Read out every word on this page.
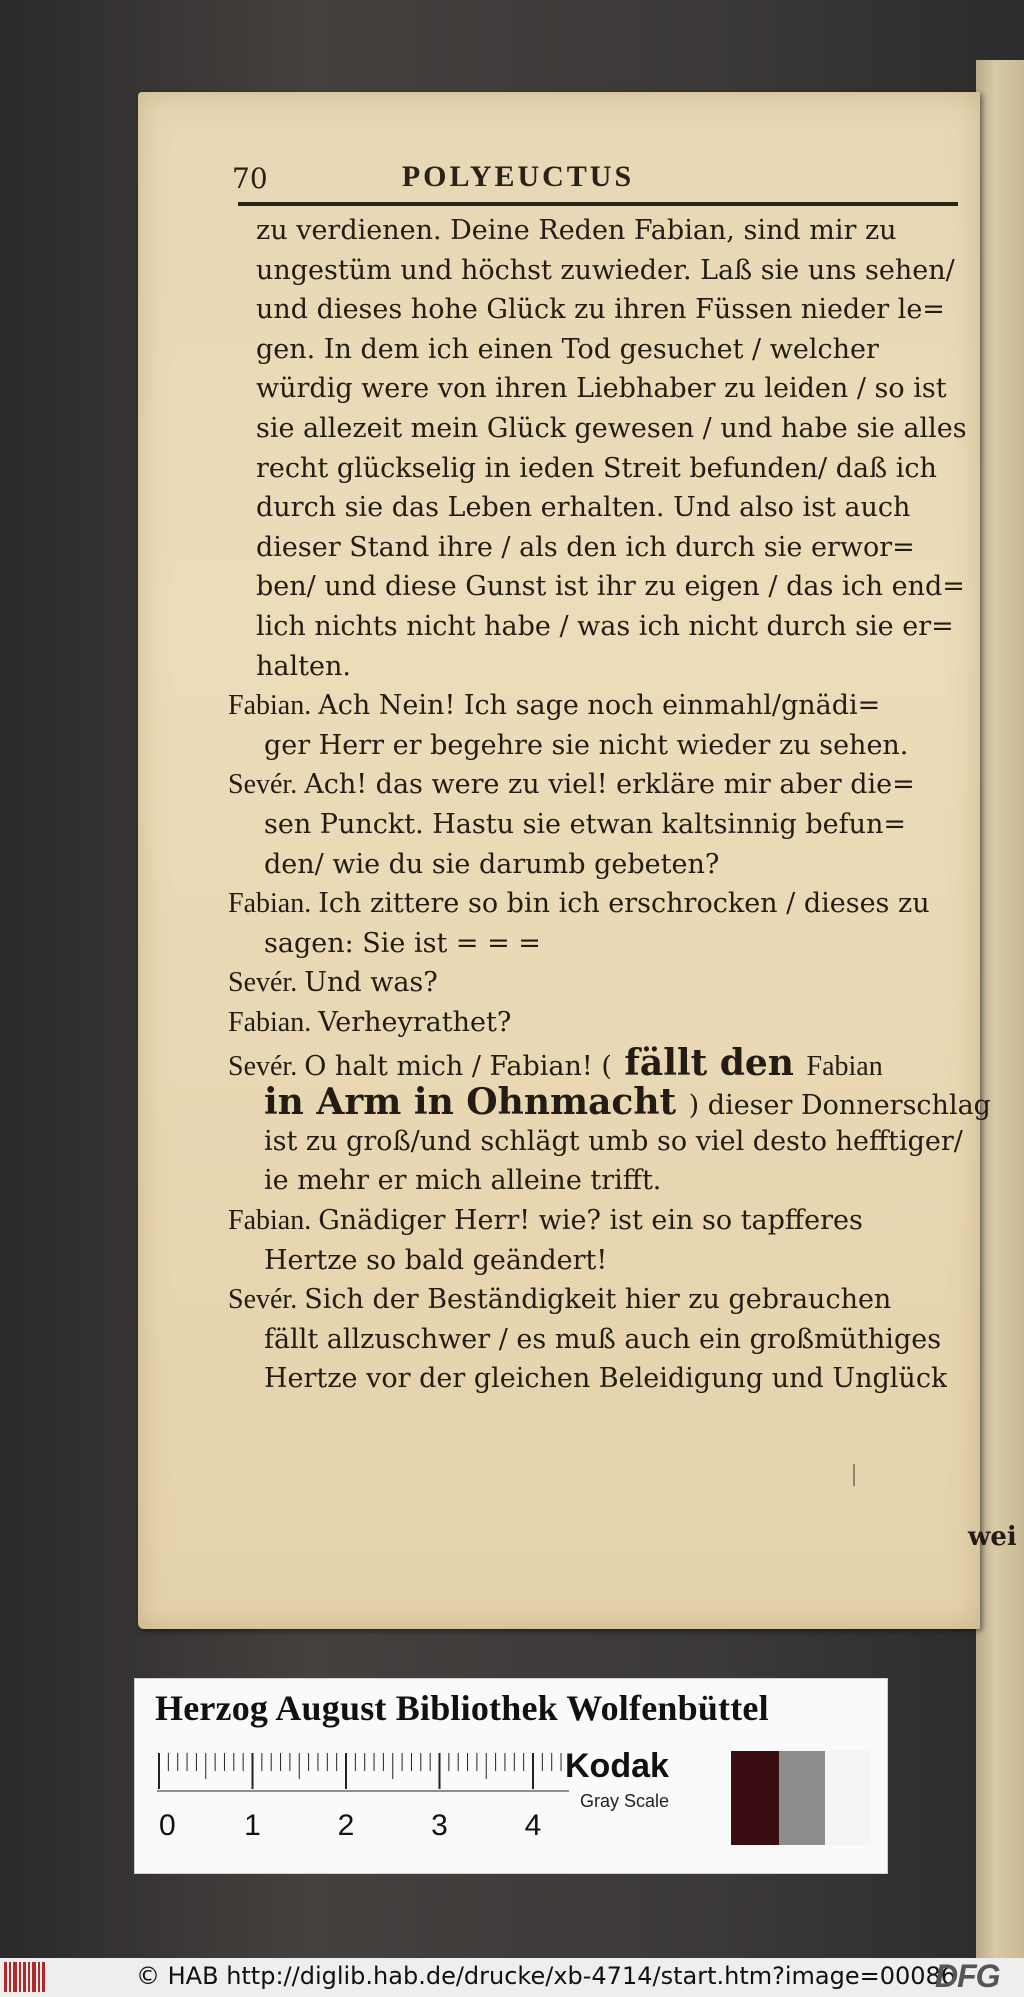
70	POLYEUCTUS
zu verdienen. Deine Reden Fabian, sind mir zu
ungestüm und höchst zuwieder. Laß sie uns sehen/
und dieses hohe Glück zu ihren Füssen nieder le=
gen. In dem ich einen Tod gesuchet / welcher
würdig were von ihren Liebhaber zu leiden / so ist
sie allezeit mein Glück gewesen / und habe sie alles
recht glückselig in ieden Streit befunden/ daß ich
durch sie das Leben erhalten. Und also ist auch
dieser Stand ihre / als den ich durch sie erwor=
ben/ und diese Gunst ist ihr zu eigen / das ich end=
lich nichts nicht habe / was ich nicht durch sie er=
halten.
Fabian. Ach Nein! Ich sage noch einmahl/gnädi=
ger Herr er begehre sie nicht wieder zu sehen.
Sevér. Ach! das were zu viel! erkläre mir aber die=
sen Punckt. Hastu sie etwan kaltsinnig befun=
den/ wie du sie darumb gebeten?
Fabian. Ich zittere so bin ich erschrocken / dieses zu
sagen: Sie ist = = =
Sevér. Und was?
Fabian. Verheyrathet?
Sevér. O halt mich / Fabian! ( fällt den Fabian
in Arm in Ohnmacht ) dieser Donnerschlag
ist zu groß/und schlägt umb so viel desto hefftiger/
ie mehr er mich alleine trifft.
Fabian. Gnädiger Herr! wie? ist ein so tapfferes
Hertze so bald geändert!
Sevér. Sich der Beständigkeit hier zu gebrauchen
fällt allzuschwer / es muß auch ein großmüthiges
Hertze vor der gleichen Beleidigung und Unglück
wei
Herzog August Bibliothek Wolfenbüttel
0 1	2	3	4
Kodak
Gray Scale
© HAB http://diglib.hab.de/drucke/xb-4714/start.htm?image=00086
DFG
